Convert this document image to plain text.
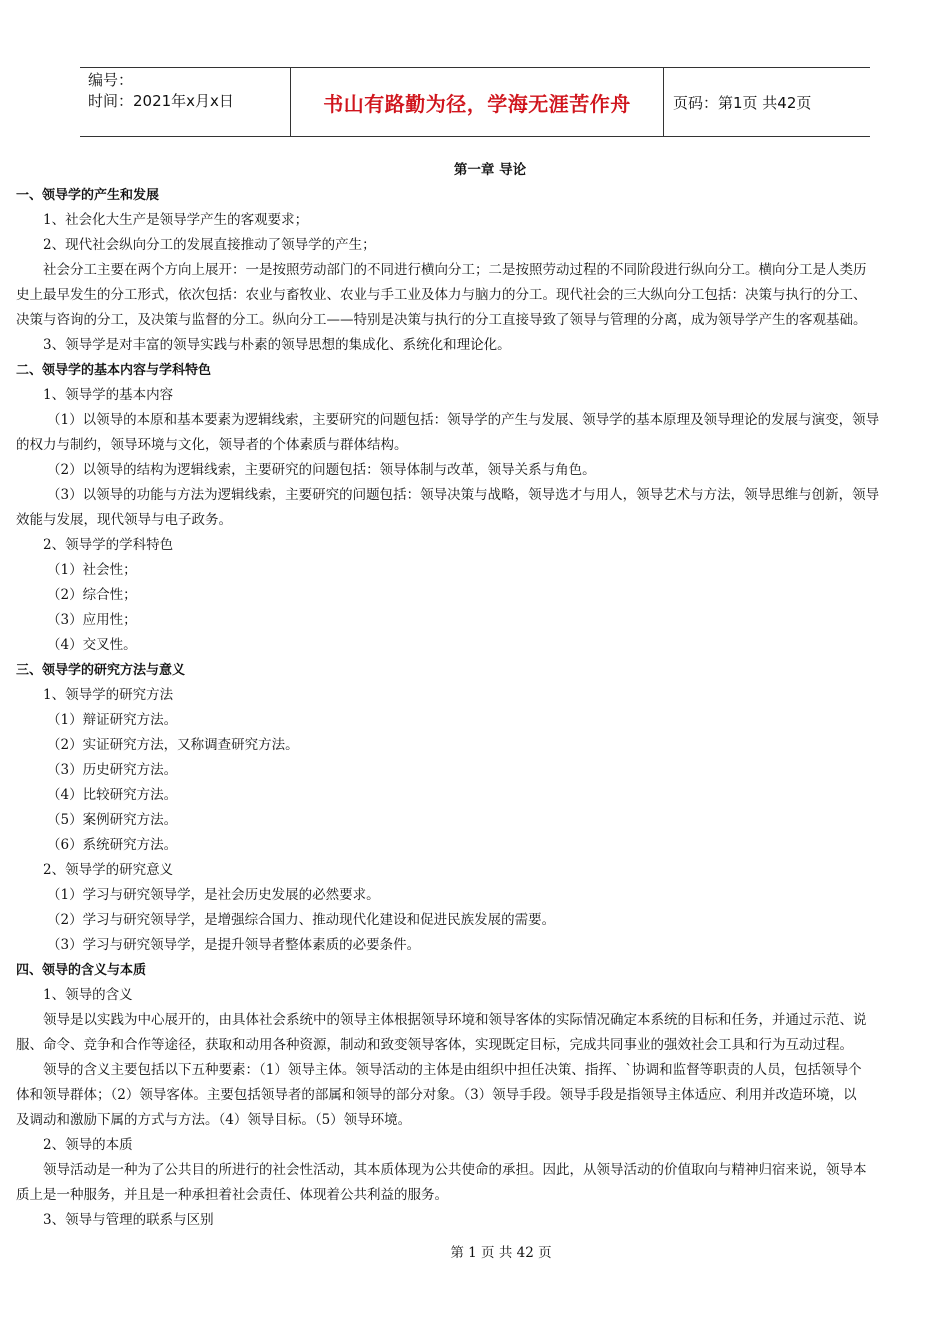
编号：
时间：2021年x月x日	书山有路勤为径，学海无涯苦作舟	页码：第1页 共42页
第一章 导论
一、领导学的产生和发展
1、社会化大生产是领导学产生的客观要求；
2、现代社会纵向分工的发展直接推动了领导学的产生；
社会分工主要在两个方向上展开：一是按照劳动部门的不同进行横向分工；二是按照劳动过程的不同阶段进行纵向分工。横向分工是人类历
史上最早发生的分工形式，依次包括：农业与畜牧业、农业与手工业及体力与脑力的分工。现代社会的三大纵向分工包括：决策与执行的分工、
决策与咨询的分工，及决策与监督的分工。纵向分工——特别是决策与执行的分工直接导致了领导与管理的分离，成为领导学产生的客观基础。
3、领导学是对丰富的领导实践与朴素的领导思想的集成化、系统化和理论化。
二、领导学的基本内容与学科特色
1、领导学的基本内容
（1）以领导的本原和基本要素为逻辑线索，主要研究的问题包括：领导学的产生与发展、领导学的基本原理及领导理论的发展与演变，领导
的权力与制约，领导环境与文化，领导者的个体素质与群体结构。
（2）以领导的结构为逻辑线索，主要研究的问题包括：领导体制与改革，领导关系与角色。
（3）以领导的功能与方法为逻辑线索，主要研究的问题包括：领导决策与战略，领导选才与用人，领导艺术与方法，领导思维与创新，领导
效能与发展，现代领导与电子政务。
2、领导学的学科特色
（1）社会性；
（2）综合性；
（3）应用性；
（4）交叉性。
三、领导学的研究方法与意义
1、领导学的研究方法
（1）辩证研究方法。
（2）实证研究方法，又称调查研究方法。
（3）历史研究方法。
（4）比较研究方法。
（5）案例研究方法。
（6）系统研究方法。
2、领导学的研究意义
（1）学习与研究领导学，是社会历史发展的必然要求。
（2）学习与研究领导学，是增强综合国力、推动现代化建设和促进民族发展的需要。
（3）学习与研究领导学，是提升领导者整体素质的必要条件。
四、领导的含义与本质
1、领导的含义
领导是以实践为中心展开的，由具体社会系统中的领导主体根据领导环境和领导客体的实际情况确定本系统的目标和任务，并通过示范、说
服、命令、竞争和合作等途径，获取和动用各种资源，制动和致变领导客体，实现既定目标，完成共同事业的强效社会工具和行为互动过程。
领导的含义主要包括以下五种要素：（1）领导主体。领导活动的主体是由组织中担任决策、指挥、`协调和监督等职责的人员，包括领导个
体和领导群体；（2）领导客体。主要包括领导者的部属和领导的部分对象。（3）领导手段。领导手段是指领导主体适应、利用并改造环境，以
及调动和激励下属的方式与方法。（4）领导目标。（5）领导环境。
2、领导的本质
领导活动是一种为了公共目的所进行的社会性活动，其本质体现为公共使命的承担。因此，从领导活动的价值取向与精神归宿来说，领导本
质上是一种服务，并且是一种承担着社会责任、体现着公共利益的服务。
3、领导与管理的联系与区别
第 1 页 共 42 页
